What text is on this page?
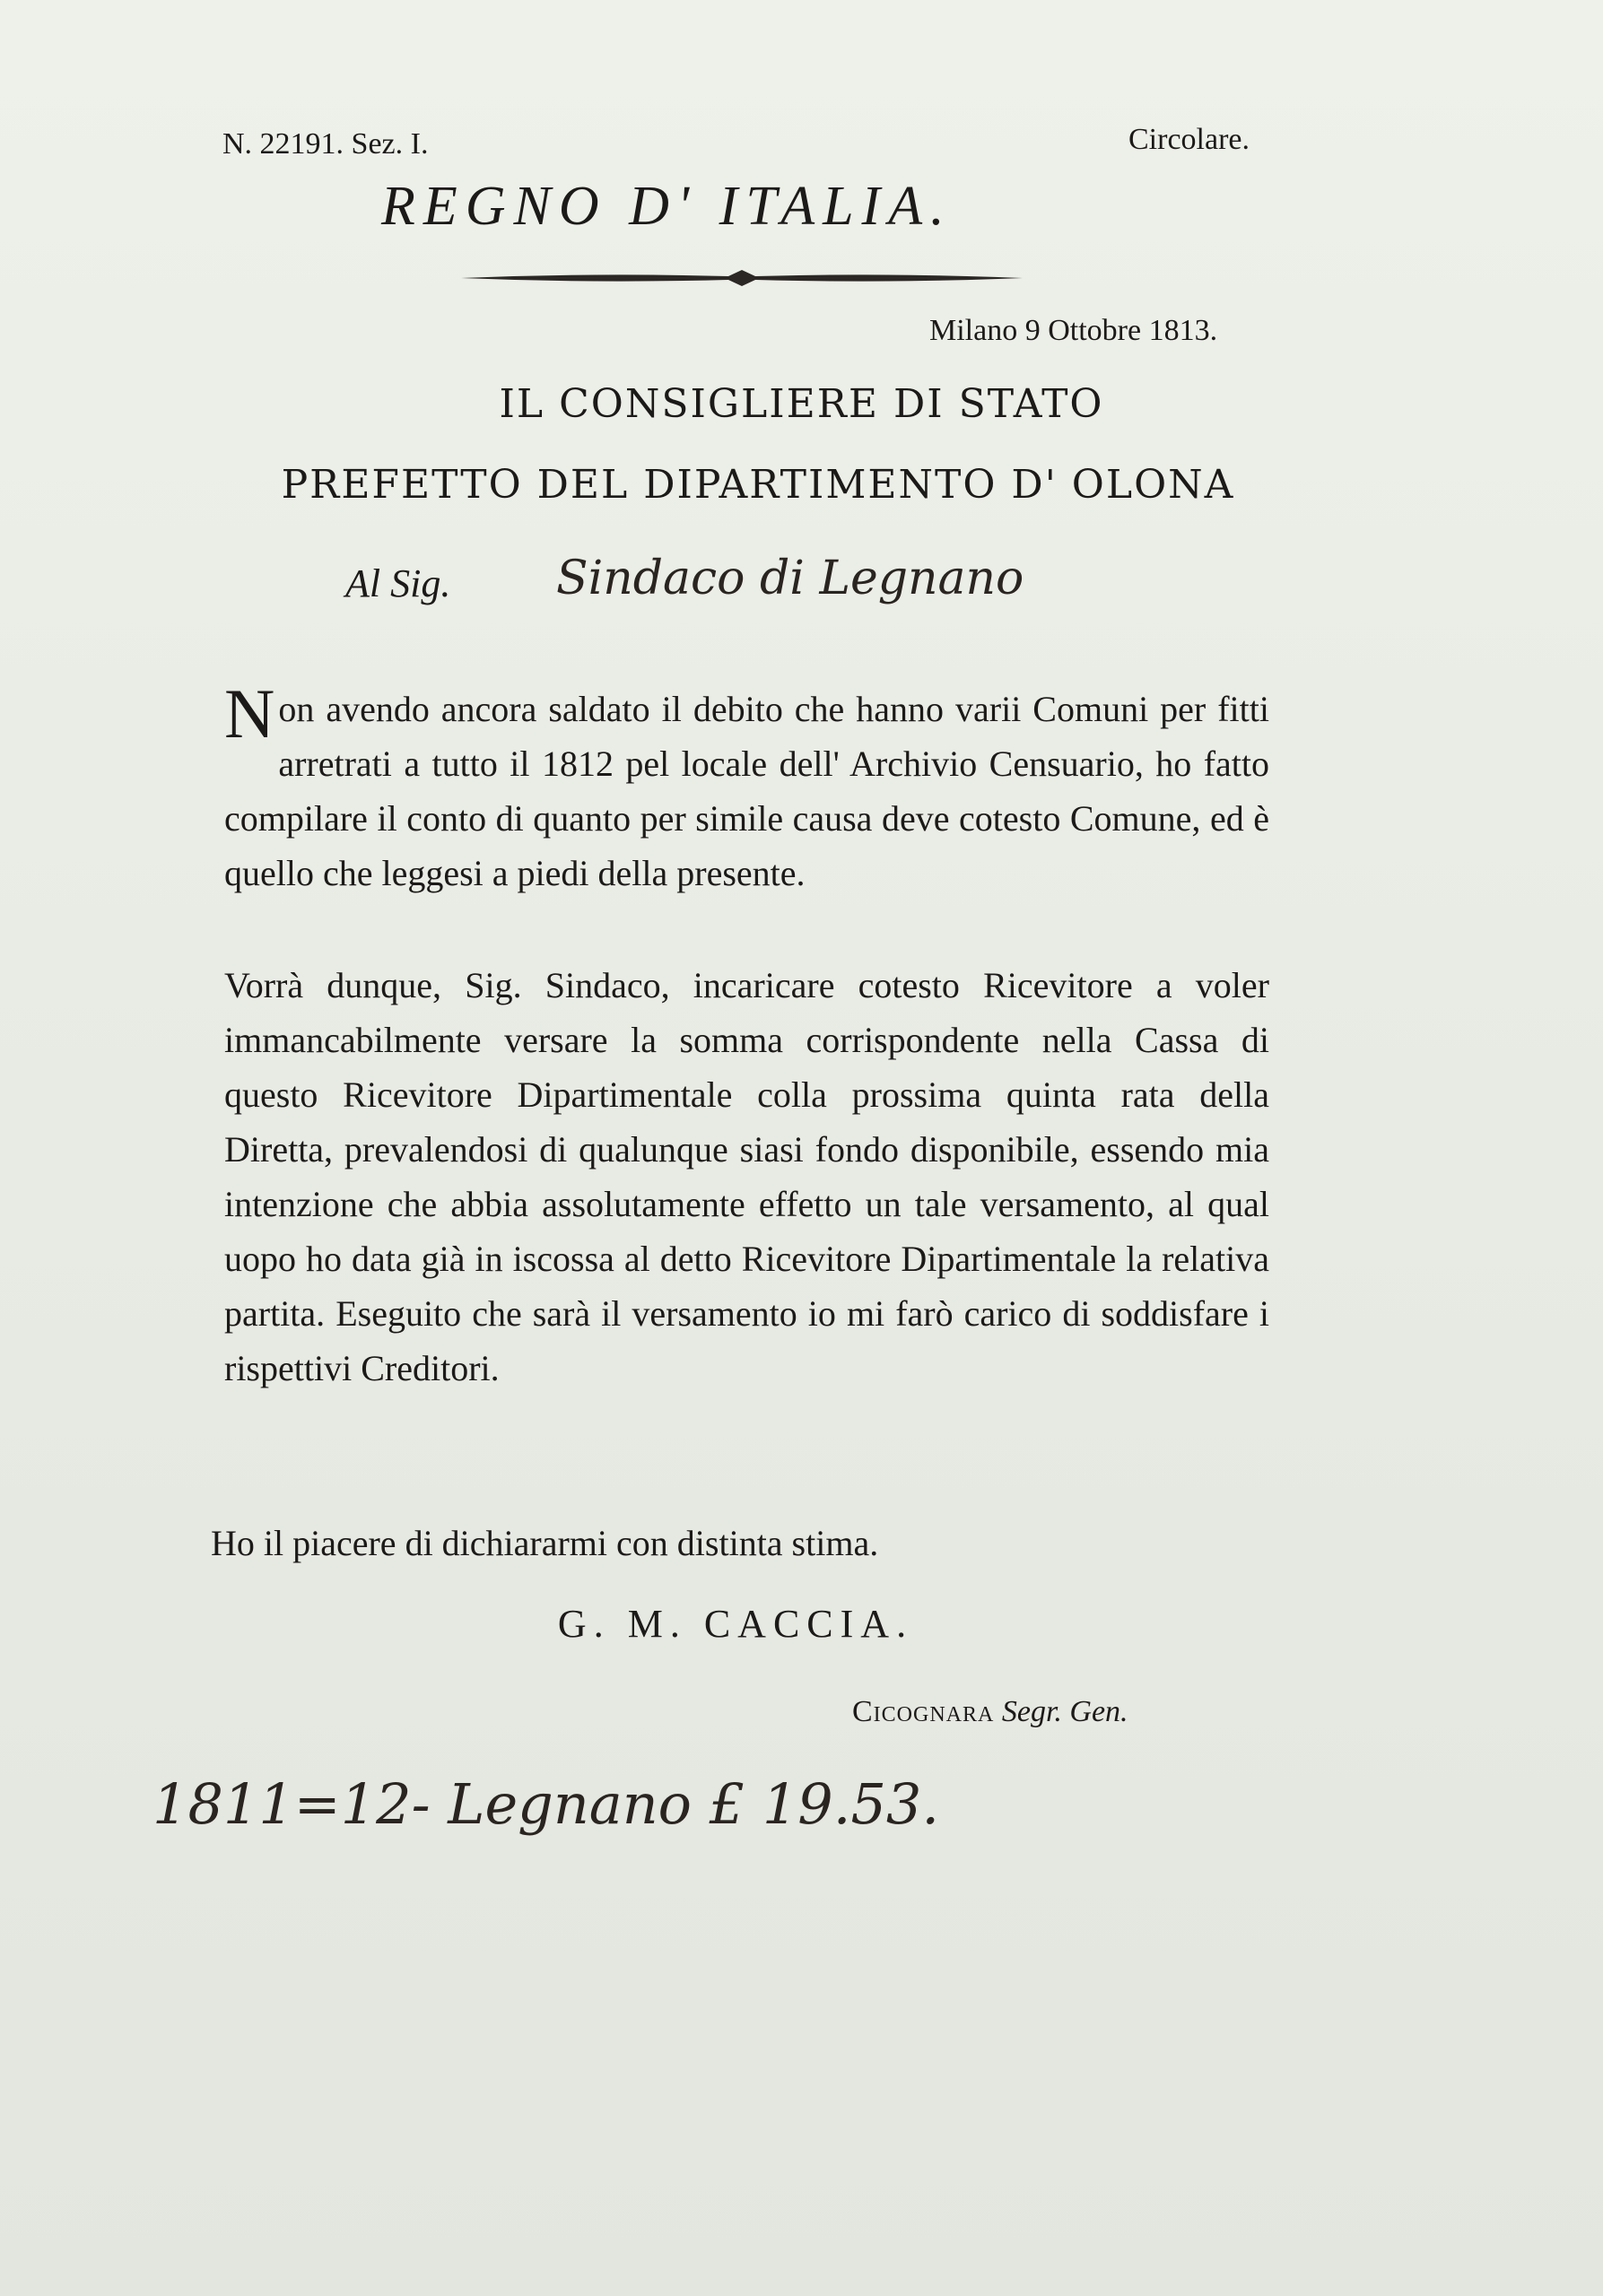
N. 22191. Sez. I.	Circolare.
REGNO D' ITALIA.
Milano 9 Ottobre 1813.
IL CONSIGLIERE DI STATO
PREFETTO DEL DIPARTIMENTO D' OLONA
Al Sig. Sindaco di Legnano
Non avendo ancora saldato il debito che hanno varii Comuni per fitti arretrati a tutto il 1812 pel locale dell' Archivio Censuario, ho fatto compilare il conto di quanto per simile causa deve cotesto Comune, ed è quello che leggesi a piedi della presente.
Vorrà dunque, Sig. Sindaco, incaricare cotesto Ricevitore a voler immancabilmente versare la somma corrispondente nella Cassa di questo Ricevitore Dipartimentale colla prossima quinta rata della Diretta, prevalendosi di qualunque siasi fondo disponibile, essendo mia intenzione che abbia assolutamente effetto un tale versamento, al qual uopo ho data già in iscossa al detto Ricevitore Dipartimentale la relativa partita. Eseguito che sarà il versamento io mi farò carico di soddisfare i rispettivi Creditori.
Ho il piacere di dichiararmi con distinta stima.
G. M. CACCIA.
Cicognara Segr. Gen.
1811=12- Legnano £ 19.53.
